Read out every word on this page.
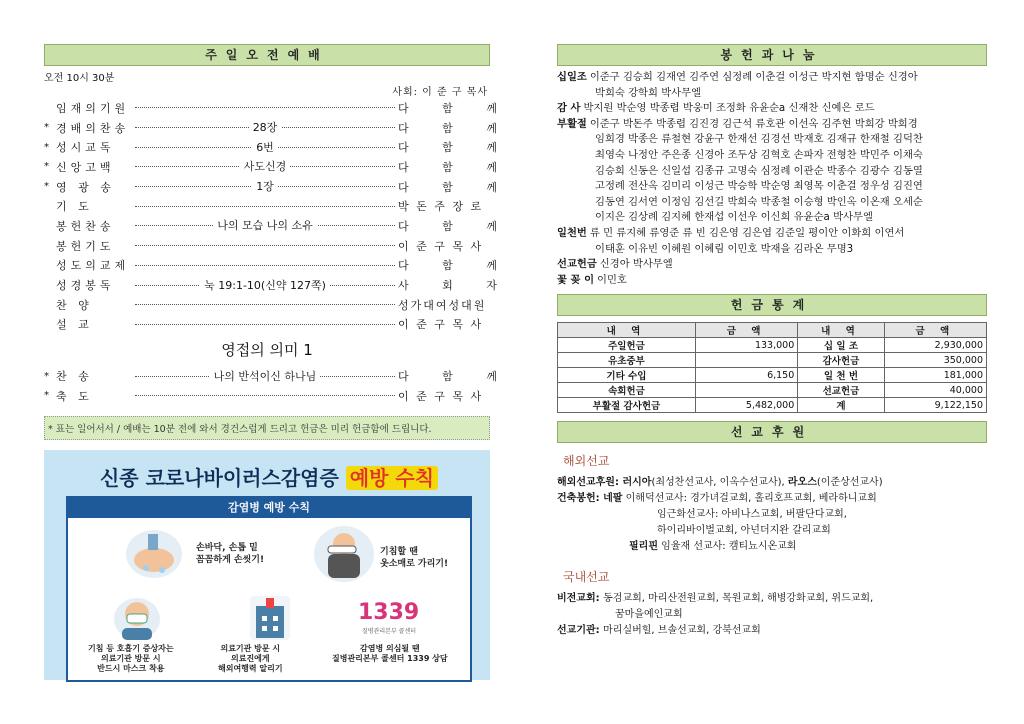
주일오전예배
오전 10시 30분
사회: 이 준 구 목사
임재의기원	다 함 께
* 경배의찬송	28장	다 함 께
* 성시교독	6번	다 함 께
* 신앙고백	사도신경	다 함 께
* 영 광 송	1장	다 함 께
기 도	박 돈 주 장 로
봉헌찬송	나의 모습 나의 소유	다 함 께
봉헌기도	이 준 구 목 사
성도의교제	다 함 께
성경봉독	눅 19:1-10(신약 127쪽)	사 회 자
찬 양	성가대여성대원
설 교	이 준 구 목 사
영접의 의미 1
* 찬 송	나의 반석이신 하나님	다 함 께
* 축 도	이 준 구 목 사
* 표는 일어서서 / 예배는 10분 전에 와서 경건스럽게 드리고 헌금은 미리 헌금함에 드립니다.
신종 코로나바이러스감염증 예방 수칙
감염병 예방 수칙
손바닥, 손톱 밑
꼼꼼하게 손씻기!
기침할 땐
옷소매로 가리기!
기침 등 호흡기 증상자는
의료기관 방문 시
반드시 마스크 착용
의료기관 방문 시
의료진에게
해외여행력 알리기
1339
질병관리본부 콜센터
감염병 의심될 땐
질병관리본부 콜센터 1339 상담
봉헌과나눔
십일조 이준구 김승희 김재연 김주연 심정례 이춘걸 이성근 박지현 함명순 신경아
박희숙 강학희 박사무엘
감 사 박지원 박순영 박종렵 박웅미 조정화 유윤순a 신재찬 신예은 로드
부활절 이준구 박돈주 박종렵 김진경 김근석 류호관 이선옥 김주현 박희강 박희경
임희경 박종은 류철현 강윤구 한재선 김경선 박재호 김재규 한재철 김덕찬
최영숙 나정안 주은종 신경아 조두상 김혁호 손파자 전형찬 박민주 이채숙
김승희 신동은 신일섭 김종규 고명숙 심정례 이관순 박종수 김광수 김동열
고정례 전산옥 김미리 이성근 박승학 박순영 최영목 이춘걸 정우성 김진연
김동연 김서연 이정임 김선길 박희숙 박종철 이승형 박인옥 이온재 오세순
이지은 김상례 김지혜 한재섭 이선우 이신희 유윤순a 박사무엘
일천번 류 민 류지혜 류영준 류 빈 김은영 김은엽 김준일 평이안 이화희 이연서
이태훈 이유빈 이혜원 이혜림 이민호 박재을 김라온 무명3
선교헌금 신경아 박사무엘
꽃 꽂 이 이민호
헌금통계
내 역	금 액	내 역	금 액
주일헌금	133,000	십 일 조	2,930,000
유초중부		감사헌금	350,000
기타 수입	6,150	일 천 번	181,000
속회헌금		선교헌금	40,000
부활절 감사헌금	5,482,000	계	9,122,150
선교후원
해외선교
해외선교후원: 러시아(최성찬선교사, 이옥수선교사), 라오스(이준상선교사)
건축봉헌: 네팔 이해덕선교사: 경가녀걸교회, 홀리호프교회, 베라하니교회
임근화선교사: 아비나스교회, 버팔단다교회,
하이리바이벌교회, 아넌더지완 갈리교회
필리핀 임율재 선교사: 캠티뇨시온교회
국내선교
비전교회: 동검교회, 마리산전원교회, 목원교회, 해병강화교회, 위드교회,
꿈마을예인교회
선교기관: 마리실버힐, 브솔선교회, 강북선교회
